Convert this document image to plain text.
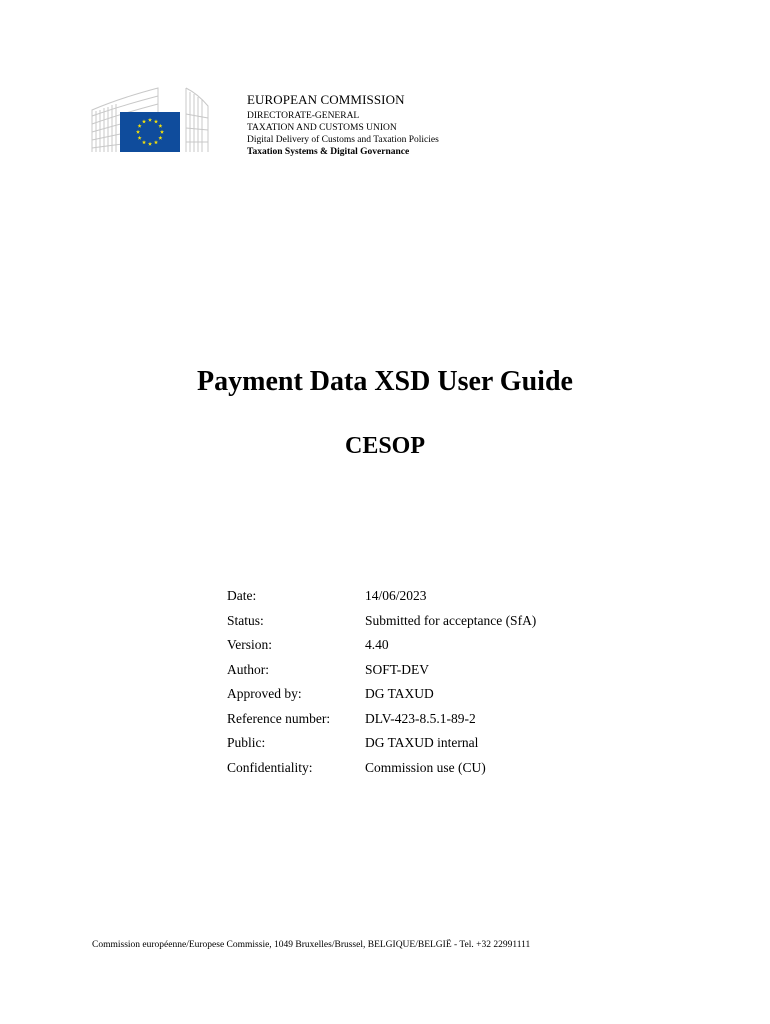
EUROPEAN COMMISSION
DIRECTORATE-GENERAL
TAXATION AND CUSTOMS UNION
Digital Delivery of Customs and Taxation Policies
Taxation Systems & Digital Governance
Payment Data XSD User Guide
CESOP
Date:	14/06/2023
Status:	Submitted for acceptance (SfA)
Version:	4.40
Author:	SOFT-DEV
Approved by:	DG TAXUD
Reference number:	DLV-423-8.5.1-89-2
Public:	DG TAXUD internal
Confidentiality:	Commission use (CU)
Commission européenne/Europese Commissie, 1049 Bruxelles/Brussel, BELGIQUE/BELGIË - Tel. +32 22991111
